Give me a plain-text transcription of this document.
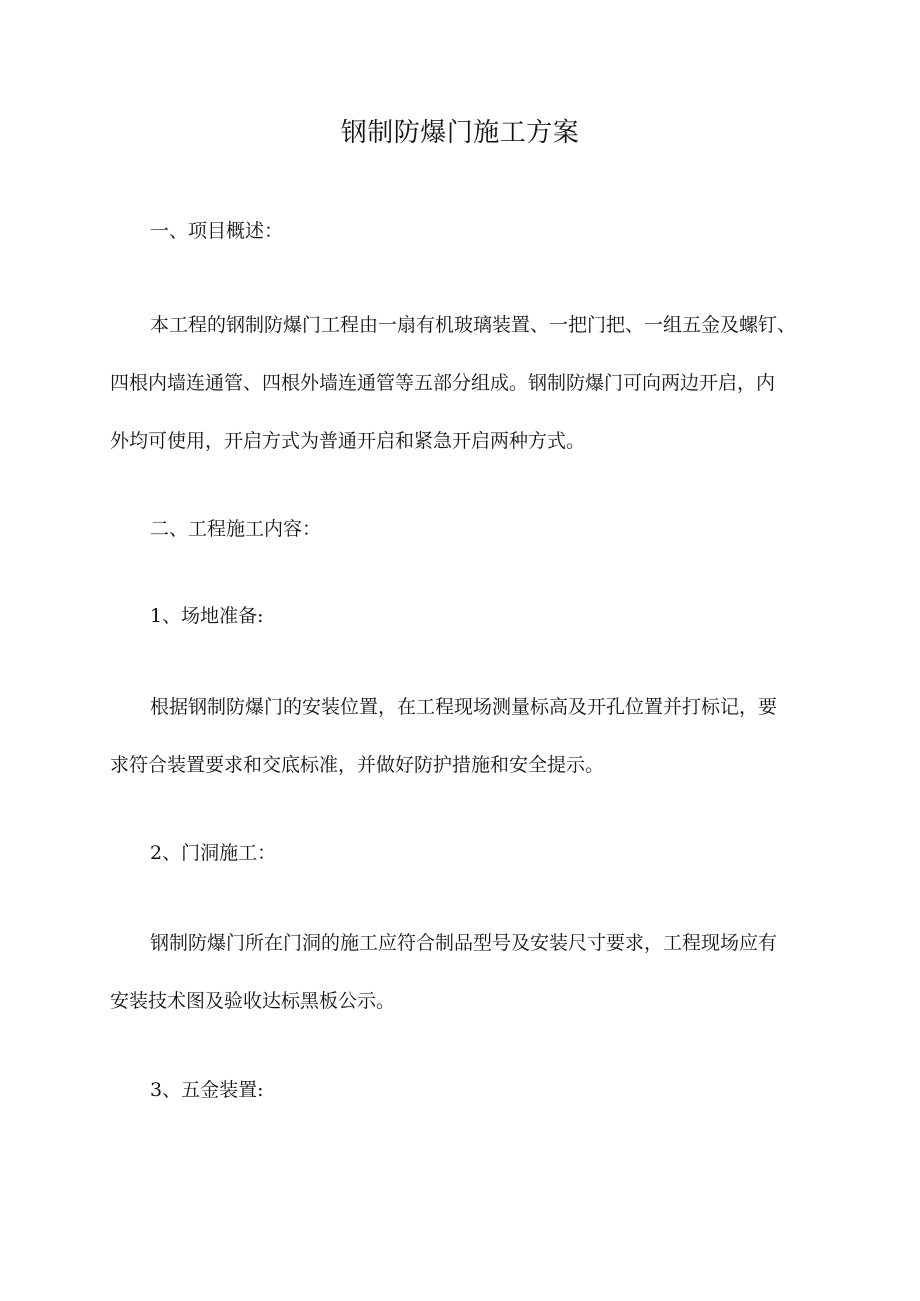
钢制防爆门施工方案
一、项目概述：
本工程的钢制防爆门工程由一扇有机玻璃装置、一把门把、一组五金及螺钉、
四根内墙连通管、四根外墙连通管等五部分组成。钢制防爆门可向两边开启，内
外均可使用，开启方式为普通开启和紧急开启两种方式。
二、工程施工内容：
1、场地准备:
根据钢制防爆门的安装位置，在工程现场测量标高及开孔位置并打标记，要
求符合装置要求和交底标准，并做好防护措施和安全提示。
2、门洞施工：
钢制防爆门所在门洞的施工应符合制品型号及安装尺寸要求，工程现场应有
安装技术图及验收达标黑板公示。
3、五金装置:
